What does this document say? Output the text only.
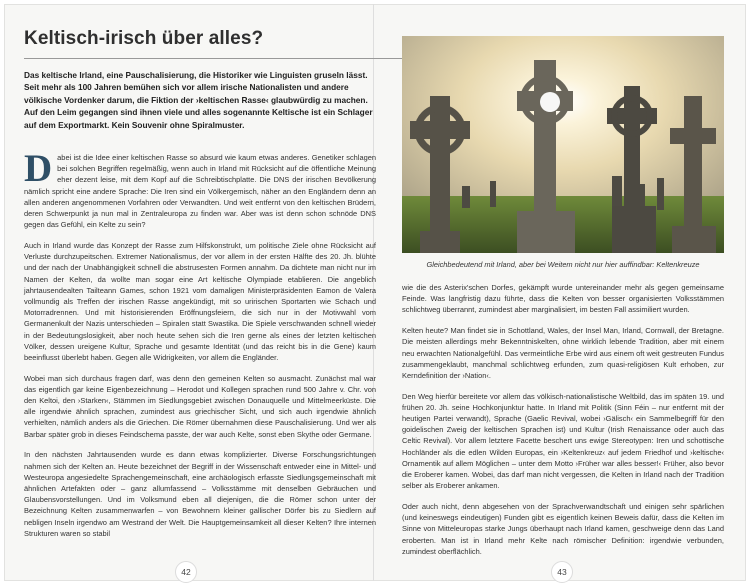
Keltisch-irisch über alles?

Das keltische Irland, eine Pauschalisierung, die Historiker wie Linguisten gruseln lässt. Seit mehr als 100 Jahren bemühen sich vor allem irische Nationalisten und andere völkische Vordenker darum, die Fiktion der ›keltischen Rasse‹ glaubwürdig zu machen. Auf den Leim gegangen sind ihnen viele und alles sogenannte Keltische ist ein Schlager auf dem Exportmarkt. Kein Souvenir ohne Spiralmuster.

Dabei ist die Idee einer keltischen Rasse so absurd wie kaum etwas anderes. Genetiker schlagen bei solchen Begriffen regelmäßig, wenn auch in Irland mit Rücksicht auf die öffentliche Meinung eher dezent leise, mit dem Kopf auf die Schreibtischplatte. Die DNS der irischen Bevölkerung nämlich spricht eine andere Sprache: Die Iren sind ein Völkergemisch, näher an den Engländern denn an allen anderen angenommenen Vorfahren oder Verwandten. Und weit entfernt von den keltischen Brüdern, deren Schwerpunkt ja nun mal in Zentraleuropa zu finden war. Aber was ist denn schon schnöde DNS gegen das Gefühl, ein Kelte zu sein?

Auch in Irland wurde das Konzept der Rasse zum Hilfskonstrukt, um politische Ziele ohne Rücksicht auf Verluste durchzupeitschen. Extremer Nationalismus, der vor allem in der ersten Hälfte des 20. Jh. blühte und der nach der Unabhängigkeit schnell die abstrusesten Formen annahm. Da dichtete man nicht nur im Namen der Kelten, da wollte man sogar eine Art keltische Olympiade etablieren. Die angeblich jahrtausendealten Tailteann Games, schon 1921 vom damaligen Ministerpräsidenten Eamon de Valera vollmundig als Treffen der irischen Rasse angekündigt, mit so uririschen Sportarten wie Schach und Motorradrennen. Und mit historisierenden Eröffnungsfeiern, die sich nur in der Motivwahl vom Germanenkult der Nazis unterschieden – Spiralen statt Swastika. Die Spiele verschwanden schnell wieder in der Bedeutungslosigkeit, aber noch heute sehen sich die Iren gerne als eines der letzten keltischen Völker, dessen ureigene Kultur, Sprache und gesamte Identität (und das reicht bis in die Gene) kaum beeinflusst überlebt haben. Gegen alle Widrigkeiten, vor allem die Engländer.

Wobei man sich durchaus fragen darf, was denn den gemeinen Kelten so ausmacht. Zunächst mal war das eigentlich gar keine Eigenbezeichnung – Herodot und Kollegen sprachen rund 500 Jahre v. Chr. von den Keltoi, den ›Starken‹, Stämmen im Siedlungsgebiet zwischen Donauquelle und Mittelmeerküste. Die alle irgendwie ähnlich sprachen, zumindest aus griechischer Sicht, und sich auch irgendwie ähnlich verhielten, nämlich anders als die Griechen. Die Römer übernahmen diese Pauschalisierung. Und wer als Barbar später grob in dieses Feindschema passte, der war auch Kelte, sonst eben Skythe oder Germane.

In den nächsten Jahrtausenden wurde es dann etwas komplizierter. Diverse Forschungsrichtungen nahmen sich der Kelten an. Heute bezeichnet der Begriff in der Wissenschaft entweder eine in Mittel- und Westeuropa angesiedelte Sprachengemeinschaft, eine archäologisch erfasste Siedlungsgemeinschaft mit ähnlichen Artefakten oder – ganz allumfassend – Volksstämme mit denselben Gebräuchen und Glaubensvorstellungen. Und im Volksmund eben all diejenigen, die die Römer schon unter der Bezeichnung Kelten zusammenwarfen – von Bewohnern kleiner gallischer Dörfer bis zu Siedlern auf nebligen Inseln irgendwo am Westrand der Welt. Die Hauptgemeinsamkeit all dieser Kelten? Ihre internen Strukturen waren so stabil

42

Gleichbedeutend mit Irland, aber bei Weitem nicht nur hier auffindbar: Keltenkreuze

wie die des Asterix'schen Dorfes, gekämpft wurde untereinander mehr als gegen gemeinsame Feinde. Was langfristig dazu führte, dass die Kelten von besser organisierten Volksstämmen schlichtweg überrannt, zumindest aber marginalisiert, im besten Fall assimiliert wurden.

Kelten heute? Man findet sie in Schottland, Wales, der Insel Man, Irland, Cornwall, der Bretagne. Die meisten allerdings mehr Bekenntniskelten, ohne wirklich lebende Tradition, aber mit einem neu erwachten Nationalgefühl. Das vermeintliche Erbe wird aus einem oft weit gestreuten Fundus zusammengeklaubt, manchmal schlichtweg erfunden, zum quasi-religiösen Kult erhoben, zur Kerndefinition der ›Nation‹.

Den Weg hierfür bereitete vor allem das völkisch-nationalistische Weltbild, das im späten 19. und frühen 20. Jh. seine Hochkonjunktur hatte. In Irland mit Politik (Sinn Féin – nur entfernt mit der heutigen Partei verwandt), Sprache (Gaelic Revival, wobei ›Gälisch‹ ein Sammelbegriff für den goidelischen Zweig der keltischen Sprachen ist) und Kultur (Irish Renaissance oder auch das Celtic Revival). Vor allem letztere Facette beschert uns ewige Stereotypen: Iren und schottische Hochländer als die edlen Wilden Europas, ein ›Keltenkreuz‹ auf jedem Friedhof und ›keltische‹ Ornamentik auf allem Möglichen – unter dem Motto ›Früher war alles besser!‹ Früher, also bevor die Eroberer kamen. Wobei, das darf man nicht vergessen, die Kelten in Irland nach der Tradition selber als Eroberer ankamen.

Oder auch nicht, denn abgesehen von der Sprachverwandtschaft und einigen sehr spärlichen (und keineswegs eindeutigen) Funden gibt es eigentlich keinen Beweis dafür, dass die Kelten im Sinne von Mitteleuropas starke Jungs überhaupt nach Irland kamen, geschweige denn das Land eroberten. Man ist in Irland mehr Kelte nach römischer Definition: irgendwie verbunden, zumindest oberflächlich.

43
